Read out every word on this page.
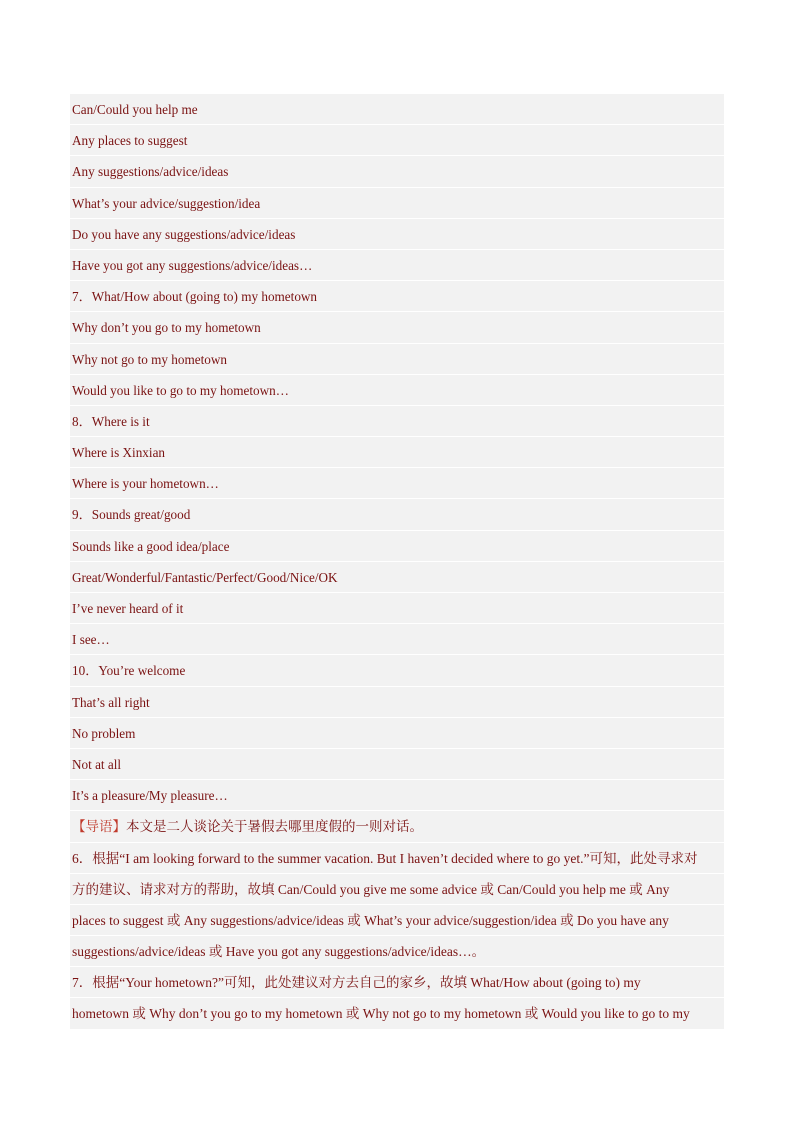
Can/Could you help me
Any places to suggest
Any suggestions/advice/ideas
What’s your advice/suggestion/idea
Do you have any suggestions/advice/ideas
Have you got any suggestions/advice/ideas…
7．What/How about (going to) my hometown
Why don’t you go to my hometown
Why not go to my hometown
Would you like to go to my hometown…
8．Where is it
Where is Xinxian
Where is your hometown…
9．Sounds great/good
Sounds like a good idea/place
Great/Wonderful/Fantastic/Perfect/Good/Nice/OK
I’ve never heard of it
I see…
10．You’re welcome
That’s all right
No problem
Not at all
It’s a pleasure/My pleasure…
【导语】本文是二人谈论关于暑假去哪里度假的一则对话。
6．根据“I am looking forward to the summer vacation. But I haven’t decided where to go yet.”可知，此处寻求对
方的建议、请求对方的帮助，故填 Can/Could you give me some advice 或 Can/Could you help me 或 Any
places to suggest 或 Any suggestions/advice/ideas 或 What’s your advice/suggestion/idea 或 Do you have any
suggestions/advice/ideas 或 Have you got any suggestions/advice/ideas…。
7．根据“Your hometown?”可知，此处建议对方去自己的家乡，故填 What/How about (going to) my
hometown 或 Why don’t you go to my hometown 或 Why not go to my hometown 或 Would you like to go to my
